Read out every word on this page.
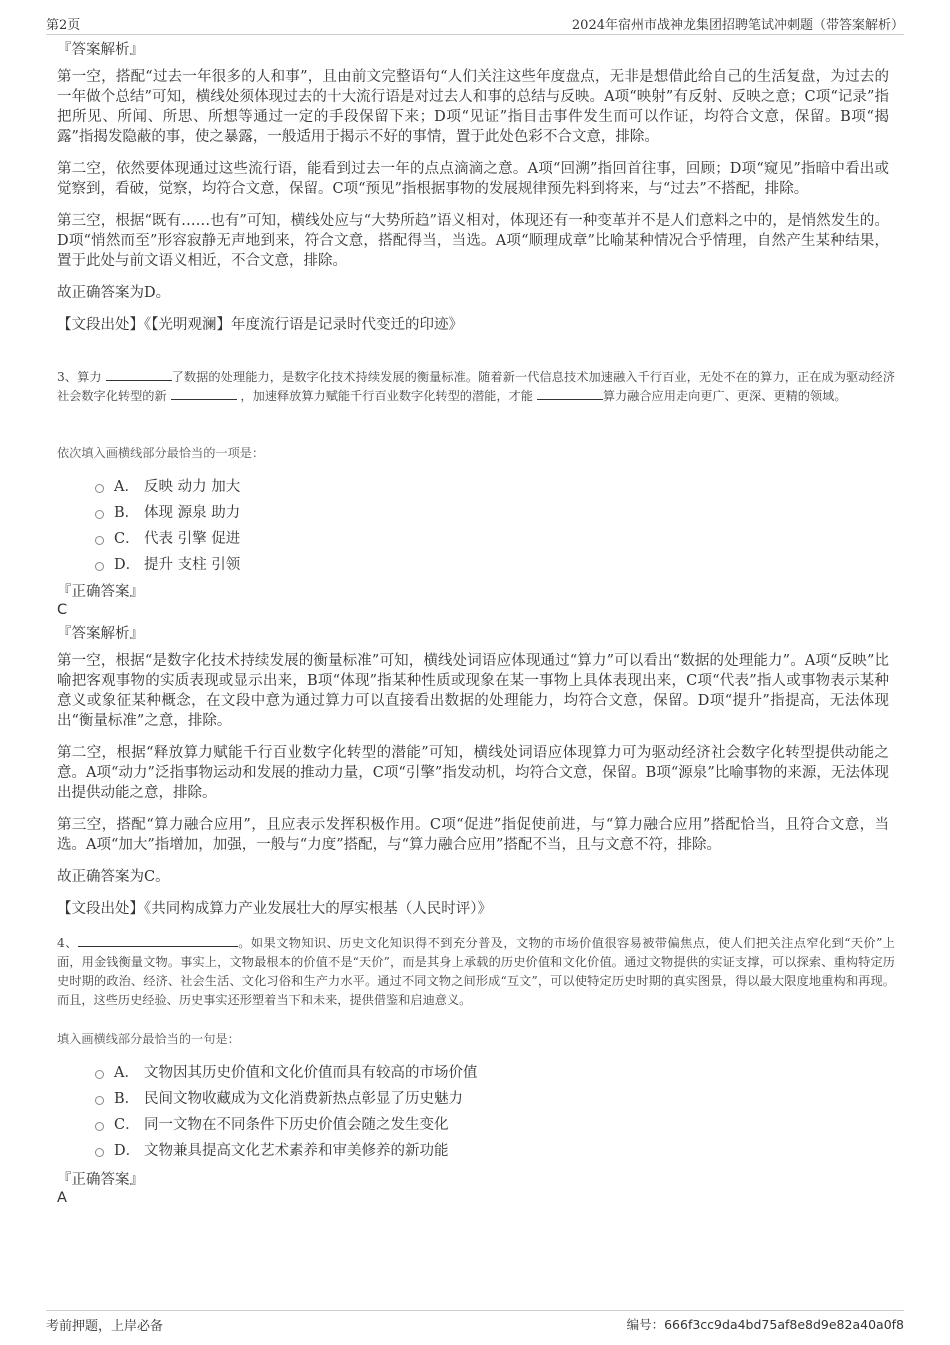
第2页	2024年宿州市战神龙集团招聘笔试冲刺题（带答案解析）
『答案解析』
第一空，搭配“过去一年很多的人和事”，且由前文完整语句“人们关注这些年度盘点，无非是想借此给自己的生活复盘，为过去的一年做个总结”可知，横线处须体现过去的十大流行语是对过去人和事的总结与反映。A项“映射”有反射、反映之意；C项“记录”指把所见、所闻、所思、所想等通过一定的手段保留下来；D项“见证”指目击事件发生而可以作证，均符合文意，保留。B项“揭露”指揭发隐蔽的事，使之暴露，一般适用于揭示不好的事情，置于此处色彩不合文意，排除。
第二空，依然要体现通过这些流行语，能看到过去一年的点点滴滴之意。A项“回溯”指回首往事，回顾；D项“窥见”指暗中看出或觉察到，看破，觉察，均符合文意，保留。C项“预见”指根据事物的发展规律预先料到将来，与“过去”不搭配，排除。
第三空，根据“既有……也有”可知，横线处应与“大势所趋”语义相对，体现还有一种变革并不是人们意料之中的，是悄然发生的。D项“悄然而至”形容寂静无声地到来，符合文意，搭配得当，当选。A项“顺理成章”比喻某种情况合乎情理，自然产生某种结果，置于此处与前文语义相近，不合文意，排除。
故正确答案为D。
【文段出处】《【光明观澜】年度流行语是记录时代变迁的印迹》
3、算力	了数据的处理能力，是数字化技术持续发展的衡量标准。随着新一代信息技术加速融入千行百业，无处不在的算力，正在成为驱动经济社会数字化转型的新	，加速释放算力赋能千行百业数字化转型的潜能，才能	算力融合应用走向更广、更深、更精的领域。
依次填入画横线部分最恰当的一项是：
A． 反映 动力 加大
B． 体现 源泉 助力
C． 代表 引擎 促进
D． 提升 支柱 引领
『正确答案』
C
『答案解析』
第一空，根据“是数字化技术持续发展的衡量标准”可知，横线处词语应体现通过“算力”可以看出“数据的处理能力”。A项“反映”比喻把客观事物的实质表现或显示出来，B项“体现”指某种性质或现象在某一事物上具体表现出来，C项“代表”指人或事物表示某种意义或象征某种概念，在文段中意为通过算力可以直接看出数据的处理能力，均符合文意，保留。D项“提升”指提高，无法体现出“衡量标准”之意，排除。
第二空，根据“释放算力赋能千行百业数字化转型的潜能”可知，横线处词语应体现算力可为驱动经济社会数字化转型提供动能之意。A项“动力”泛指事物运动和发展的推动力量，C项“引擎”指发动机，均符合文意，保留。B项“源泉”比喻事物的来源，无法体现出提供动能之意，排除。
第三空，搭配“算力融合应用”，且应表示发挥积极作用。C项“促进”指促使前进，与“算力融合应用”搭配恰当，且符合文意，当选。A项“加大”指增加，加强，一般与“力度”搭配，与“算力融合应用”搭配不当，且与文意不符，排除。
故正确答案为C。
【文段出处】《共同构成算力产业发展壮大的厚实根基（人民时评）》
4、	。如果文物知识、历史文化知识得不到充分普及，文物的市场价值很容易被带偏焦点，使人们把关注点窄化到“天价”上面，用金钱衡量文物。事实上，文物最根本的价值不是“天价”，而是其身上承载的历史价值和文化价值。通过文物提供的实证支撑，可以探索、重构特定历史时期的政治、经济、社会生活、文化习俗和生产力水平。通过不同文物之间形成“互文”，可以使特定历史时期的真实图景，得以最大限度地重构和再现。而且，这些历史经验、历史事实还形塑着当下和未来，提供借鉴和启迪意义。
填入画横线部分最恰当的一句是：
A． 文物因其历史价值和文化价值而具有较高的市场价值
B． 民间文物收藏成为文化消费新热点彰显了历史魅力
C． 同一文物在不同条件下历史价值会随之发生变化
D． 文物兼具提高文化艺术素养和审美修养的新功能
『正确答案』
A
考前押题，上岸必备	编号：666f3cc9da4bd75af8e8d9e82a40a0f8
